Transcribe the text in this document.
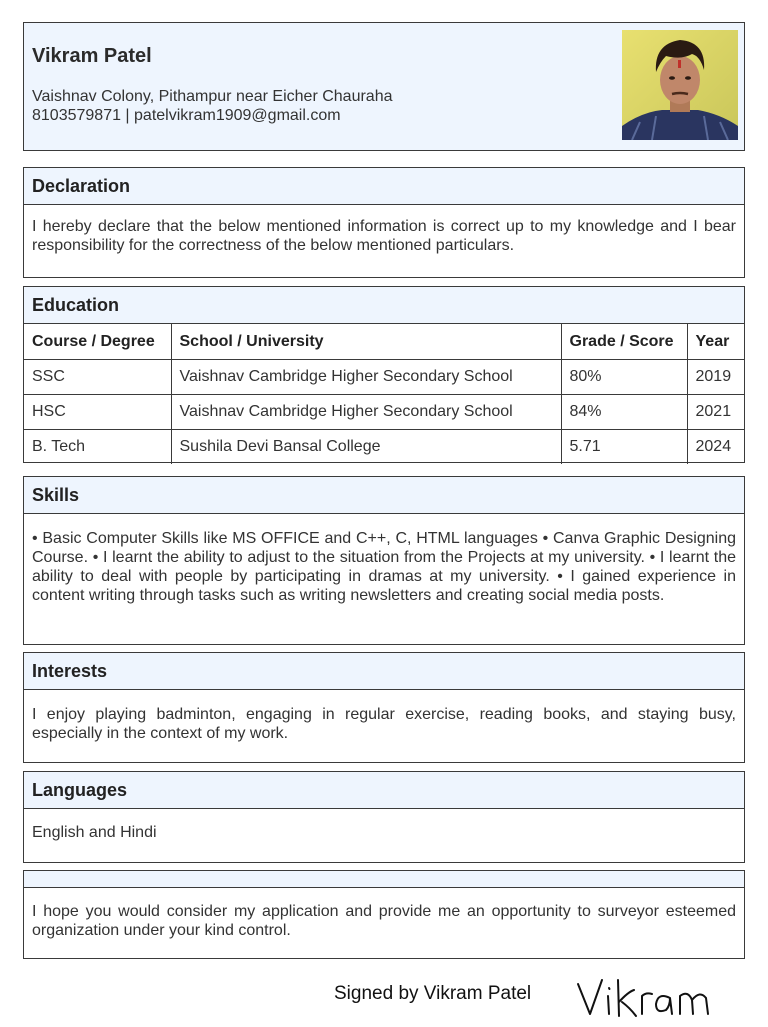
Vikram Patel
Vaishnav Colony, Pithampur near Eicher Chauraha
8103579871 | patelvikram1909@gmail.com
Declaration
I hereby declare that the below mentioned information is correct up to my knowledge and I bear responsibility for the correctness of the below mentioned particulars.
Education
Course / Degree	School / University	Grade / Score	Year
SSC	Vaishnav Cambridge Higher Secondary School	80%	2019
HSC	Vaishnav Cambridge Higher Secondary School	84%	2021
B. Tech	Sushila Devi Bansal College	5.71	2024
Skills
• Basic Computer Skills like MS OFFICE and C++, C, HTML languages • Canva Graphic Designing Course. • I learnt the ability to adjust to the situation from the Projects at my university. • I learnt the ability to deal with people by participating in dramas at my university. • I gained experience in content writing through tasks such as writing newsletters and creating social media posts.
Interests
I enjoy playing badminton, engaging in regular exercise, reading books, and staying busy, especially in the context of my work.
Languages
English and Hindi
I hope you would consider my application and provide me an opportunity to surveyor esteemed organization under your kind control.
Signed by Vikram Patel
